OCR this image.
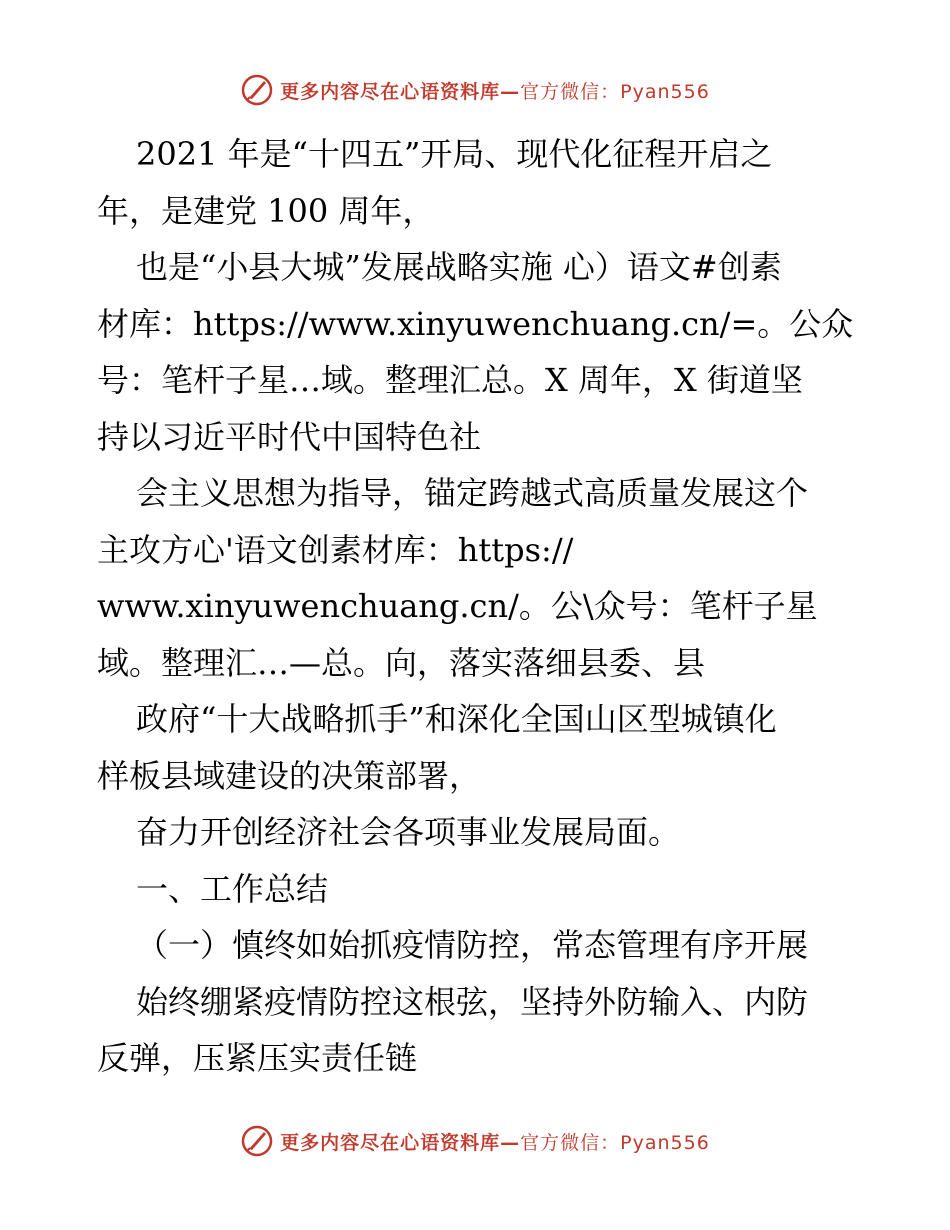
更多内容尽在心语资料库—官方微信：Pyan556
2021 年是“十四五”开局、现代化征程开启之
年，是建党 100 周年，
也是“小县大城”发展战略实施 心）语文#创素
材库：https://www.xinyuwenchuang.cn/=。公众
号：笔杆子星…域。整理汇总。X 周年，X 街道坚
持以习近平时代中国特色社
会主义思想为指导，锚定跨越式高质量发展这个
主攻方心'语文创素材库：https://
www.xinyuwenchuang.cn/。公\众号：笔杆子星
域。整理汇…—总。向，落实落细县委、县
政府“十大战略抓手”和深化全国山区型城镇化
样板县域建设的决策部署，
奋力开创经济社会各项事业发展局面。
一、工作总结
（一）慎终如始抓疫情防控，常态管理有序开展
始终绷紧疫情防控这根弦，坚持外防输入、内防
反弹，压紧压实责任链
更多内容尽在心语资料库—官方微信：Pyan556
